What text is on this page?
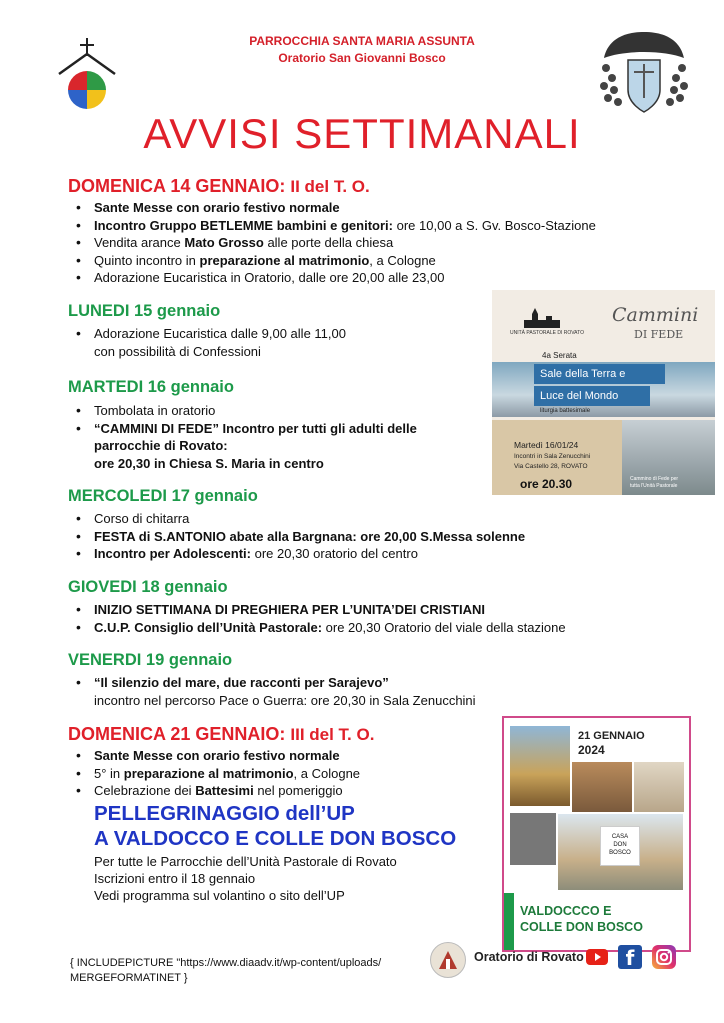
PARROCCHIA SANTA MARIA ASSUNTA
Oratorio San Giovanni Bosco
AVVISI SETTIMANALI
DOMENICA 14 GENNAIO: II del T. O.
• Sante Messe con orario festivo normale
• Incontro Gruppo BETLEMME bambini e genitori: ore 10,00 a S. Gv. Bosco-Stazione
• Vendita arance Mato Grosso alle porte della chiesa
• Quinto incontro in preparazione al matrimonio, a Cologne
• Adorazione Eucaristica in Oratorio, dalle ore 20,00 alle 23,00
LUNEDI 15 gennaio
• Adorazione Eucaristica dalle 9,00 alle 11,00
con possibilità di Confessioni
MARTEDI 16 gennaio
• Tombolata in oratorio
• “CAMMINI DI FEDE” Incontro per tutti gli adulti delle
parrocchie di Rovato:
ore 20,30 in Chiesa S. Maria in centro
MERCOLEDI 17 gennaio
• Corso di chitarra
• FESTA di S.ANTONIO abate alla Bargnana: ore 20,00 S.Messa solenne
• Incontro per Adolescenti: ore 20,30 oratorio del centro
GIOVEDI 18 gennaio
• INIZIO SETTIMANA DI PREGHIERA PER L’UNITA’DEI CRISTIANI
• C.U.P. Consiglio dell’Unità Pastorale: ore 20,30 Oratorio del viale della stazione
VENERDI 19 gennaio
• “Il silenzio del mare, due racconti per Sarajevo”
incontro nel percorso Pace o Guerra: ore 20,30 in Sala Zenucchini
DOMENICA 21 GENNAIO: III del T. O.
• Sante Messe con orario festivo normale
• 5° in preparazione al matrimonio, a Cologne
• Celebrazione dei Battesimi nel pomeriggio
PELLEGRINAGGIO dell’UP
A VALDOCCO E COLLE DON BOSCO
Per tutte le Parrocchie dell’Unità Pastorale di Rovato
Iscrizioni entro il 18 gennaio
Vedi programma sul volantino o sito dell’UP
UNITÀ PASTORALE DI ROVATO
Cammini
DI FEDE
4a Serata
Sale della Terra e
Luce del Mondo
liturgia battesimale
Martedì 16/01/24
Incontri in Sala Zenucchini
Via Castello 28, ROVATO
ore 20.30	Cammino di Fede per
tutta l'Unità Pastorale
21 GENNAIO
2024
CASA
DON
BOSCO
VALDOCCCO E
COLLE DON BOSCO
{ INCLUDEPICTURE "https://www.diaadv.it/wp-content/uploads/
MERGEFORMATINET }
Oratorio di Rovato	f
